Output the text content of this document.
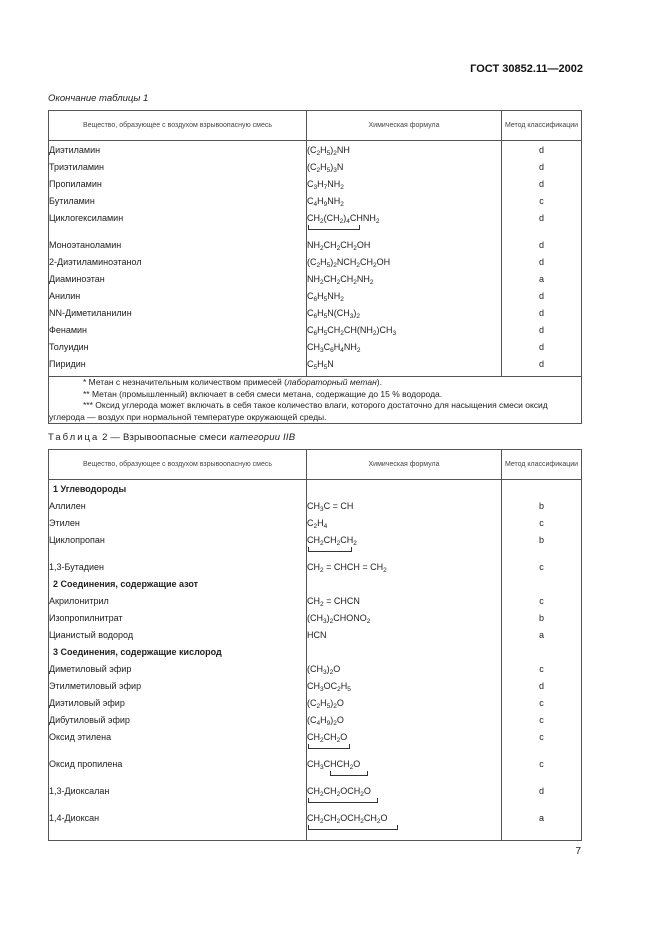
ГОСТ 30852.11—2002
Окончание таблицы 1
Вещество, образующее с воздухом взрывоопасную смесь	Химическая формула	Метод классификации
Диэтиламин	$(C_2H_5)_2NH$	d
Триэтиламин	$(C_2H_5)_3N$	d
Пропиламин	$C_3H_7NH_2$	d
Бутиламин	$C_4H_9NH_2$	c
Циклогексиламин	$CH_2(CH_2)_4CHNH_2$	d
Моноэтаноламин	$NH_2CH_2CH_2OH$	d
2-Диэтиламиноэтанол	$(C_2H_5)_2NCH_2CH_2OH$	d
Диаминоэтан	$NH_2CH_2CH_2NH_2$	a
Анилин	$C_6H_5NH_2$	d
NN-Диметиланилин	$C_6H_5N(CH_3)_2$	d
Фенамин	$C_6H_5CH_2CH(NH_2)CH_3$	d
Толуидин	$CH_3C_6H_4NH_2$	d
Пиридин	$C_5H_5N$	d

* Метан с незначительным количеством примесей (лабораторный метан).
** Метан (промышленный) включает в себя смеси метана, содержащие до 15 % водорода.
*** Оксид углерода может включать в себя такое количество влаги, которого достаточно для насыщения смеси оксид углерода — воздух при нормальной температуре окружающей среды.		
Таблица 2 — Взрывоопасные смеси категории IIB
Вещество, образующее с воздухом взрывоопасную смесь	Химическая формула	Метод классификации
1 Углеводороды		
Аллилен	$CH_3C$ = CH	b
Этилен	$C_2H_4$	c
Циклопропан	$CH_2CH_2CH_2$	b
1,3-Бутадиен	$CH_2$ = CHCH = $CH_2$	c
2 Соединения, содержащие азот		
Акрилонитрил	$CH_2$ = CHCN	c
Изопропилнитрат	$(CH_3)_2CHONO_2$	b
Цианистый водород	HCN	a
3 Соединения, содержащие кислород		
Диметиловый эфир	$(CH_3)_2O$	c
Этилметиловый эфир	$CH_3OC_2H_5$	d
Диэтиловый эфир	$(C_2H_5)_2O$	c
Дибутиловый эфир	$(C_4H_9)_2O$	c
Оксид этилена	$CH_2CH_2O$	c
Оксид пропилена	$CH_3CHCH_2O$	c
1,3-Диоксалан	$CH_2CH_2OCH_2O$	d
1,4-Диоксан	$CH_2CH_2OCH_2CH_2O$	a
7
